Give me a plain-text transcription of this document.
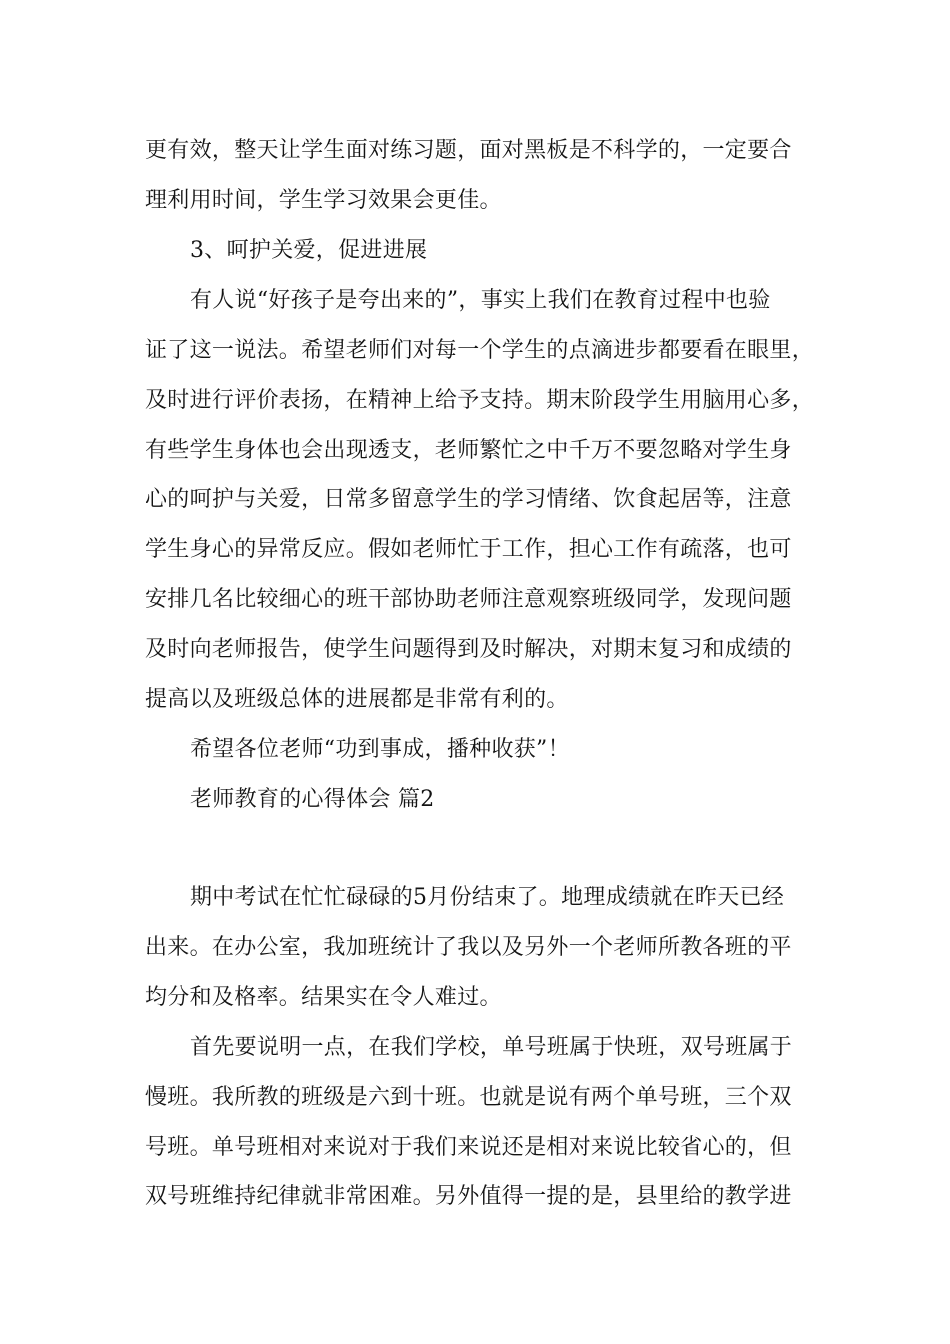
更有效，整天让学生面对练习题，面对黑板是不科学的，一定要合
理利用时间，学生学习效果会更佳。
3、呵护关爱，促进进展
有人说“好孩子是夸出来的”，事实上我们在教育过程中也验
证了这一说法。希望老师们对每一个学生的点滴进步都要看在眼里，
及时进行评价表扬，在精神上给予支持。期末阶段学生用脑用心多，
有些学生身体也会出现透支，老师繁忙之中千万不要忽略对学生身
心的呵护与关爱，日常多留意学生的学习情绪、饮食起居等，注意
学生身心的异常反应。假如老师忙于工作，担心工作有疏落，也可
安排几名比较细心的班干部协助老师注意观察班级同学，发现问题
及时向老师报告，使学生问题得到及时解决，对期末复习和成绩的
提高以及班级总体的进展都是非常有利的。
希望各位老师“功到事成，播种收获”！
老师教育的心得体会 篇2
期中考试在忙忙碌碌的5月份结束了。地理成绩就在昨天已经
出来。在办公室，我加班统计了我以及另外一个老师所教各班的平
均分和及格率。结果实在令人难过。
首先要说明一点，在我们学校，单号班属于快班，双号班属于
慢班。我所教的班级是六到十班。也就是说有两个单号班，三个双
号班。单号班相对来说对于我们来说还是相对来说比较省心的，但
双号班维持纪律就非常困难。另外值得一提的是，县里给的教学进
